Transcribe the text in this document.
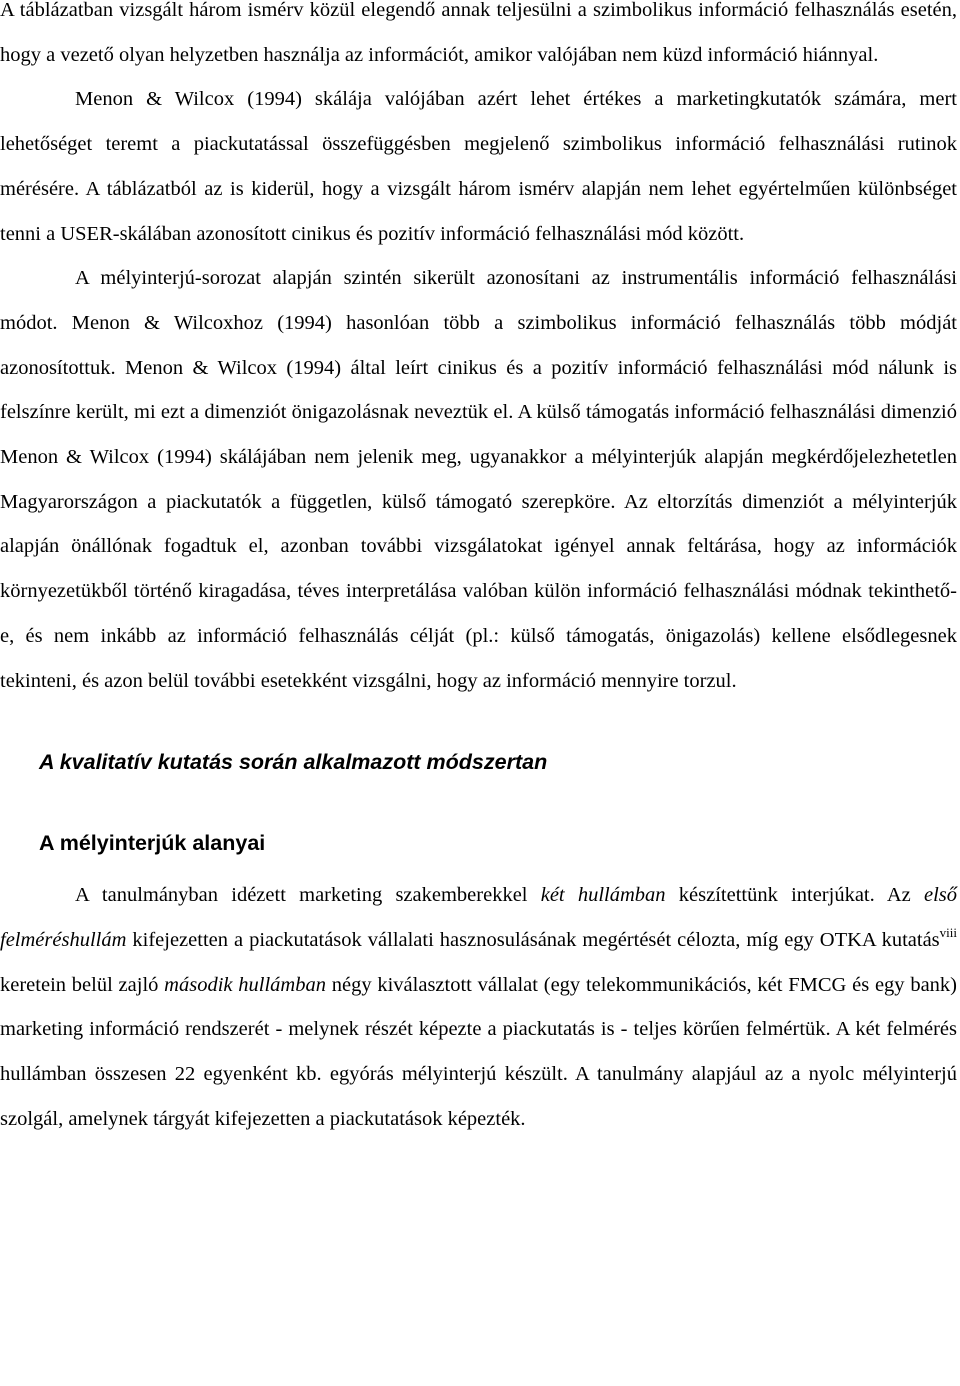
A táblázatban vizsgált három ismérv közül elegendő annak teljesülni a szimbolikus információ felhasználás esetén, hogy a vezető olyan helyzetben használja az információt, amikor valójában nem küzd információ hiánnyal.

Menon & Wilcox (1994) skálája valójában azért lehet értékes a marketingkutatók számára, mert lehetőséget teremt a piackutatással összefüggésben megjelenő szimbolikus információ felhasználási rutinok mérésére. A táblázatból az is kiderül, hogy a vizsgált három ismérv alapján nem lehet egyértelműen különbséget tenni a USER-skálában azonosított cinikus és pozitív információ felhasználási mód között.

A mélyinterjú-sorozat alapján szintén sikerült azonosítani az instrumentális információ felhasználási módot. Menon & Wilcoxhoz (1994) hasonlóan több a szimbolikus információ felhasználás több módját azonosítottuk. Menon & Wilcox (1994) által leírt cinikus és a pozitív információ felhasználási mód nálunk is felszínre került, mi ezt a dimenziót önigazolásnak neveztük el. A külső támogatás információ felhasználási dimenzió Menon & Wilcox (1994) skálájában nem jelenik meg, ugyanakkor a mélyinterjúk alapján megkérdőjelezhetetlen Magyarországon a piackutatók a független, külső támogató szerepköre. Az eltorzítás dimenziót a mélyinterjúk alapján önállónak fogadtuk el, azonban további vizsgálatokat igényel annak feltárása, hogy az információk környezetükből történő kiragadása, téves interpretálása valóban külön információ felhasználási módnak tekinthető-e, és nem inkább az információ felhasználás célját (pl.: külső támogatás, önigazolás) kellene elsődlegesnek tekinteni, és azon belül további esetekként vizsgálni, hogy az információ mennyire torzul.

A kvalitatív kutatás során alkalmazott módszertan
A mélyinterjúk alanyai

A tanulmányban idézett marketing szakemberekkel két hullámban készítettünk interjúkat. Az első felméréshullám kifejezetten a piackutatások vállalati hasznosulásának megértését célozta, míg egy OTKA kutatás$^{viii}$ keretein belül zajló második hullámban négy kiválasztott vállalat (egy telekommunikációs, két FMCG és egy bank) marketing információ rendszerét - melynek részét képezte a piackutatás is - teljes körűen felmértük. A két felmérés hullámban összesen 22 egyenként kb. egyórás mélyinterjú készült. A tanulmány alapjául az a nyolc mélyinterjú szolgál, amelynek tárgyát kifejezetten a piackutatások képezték.
